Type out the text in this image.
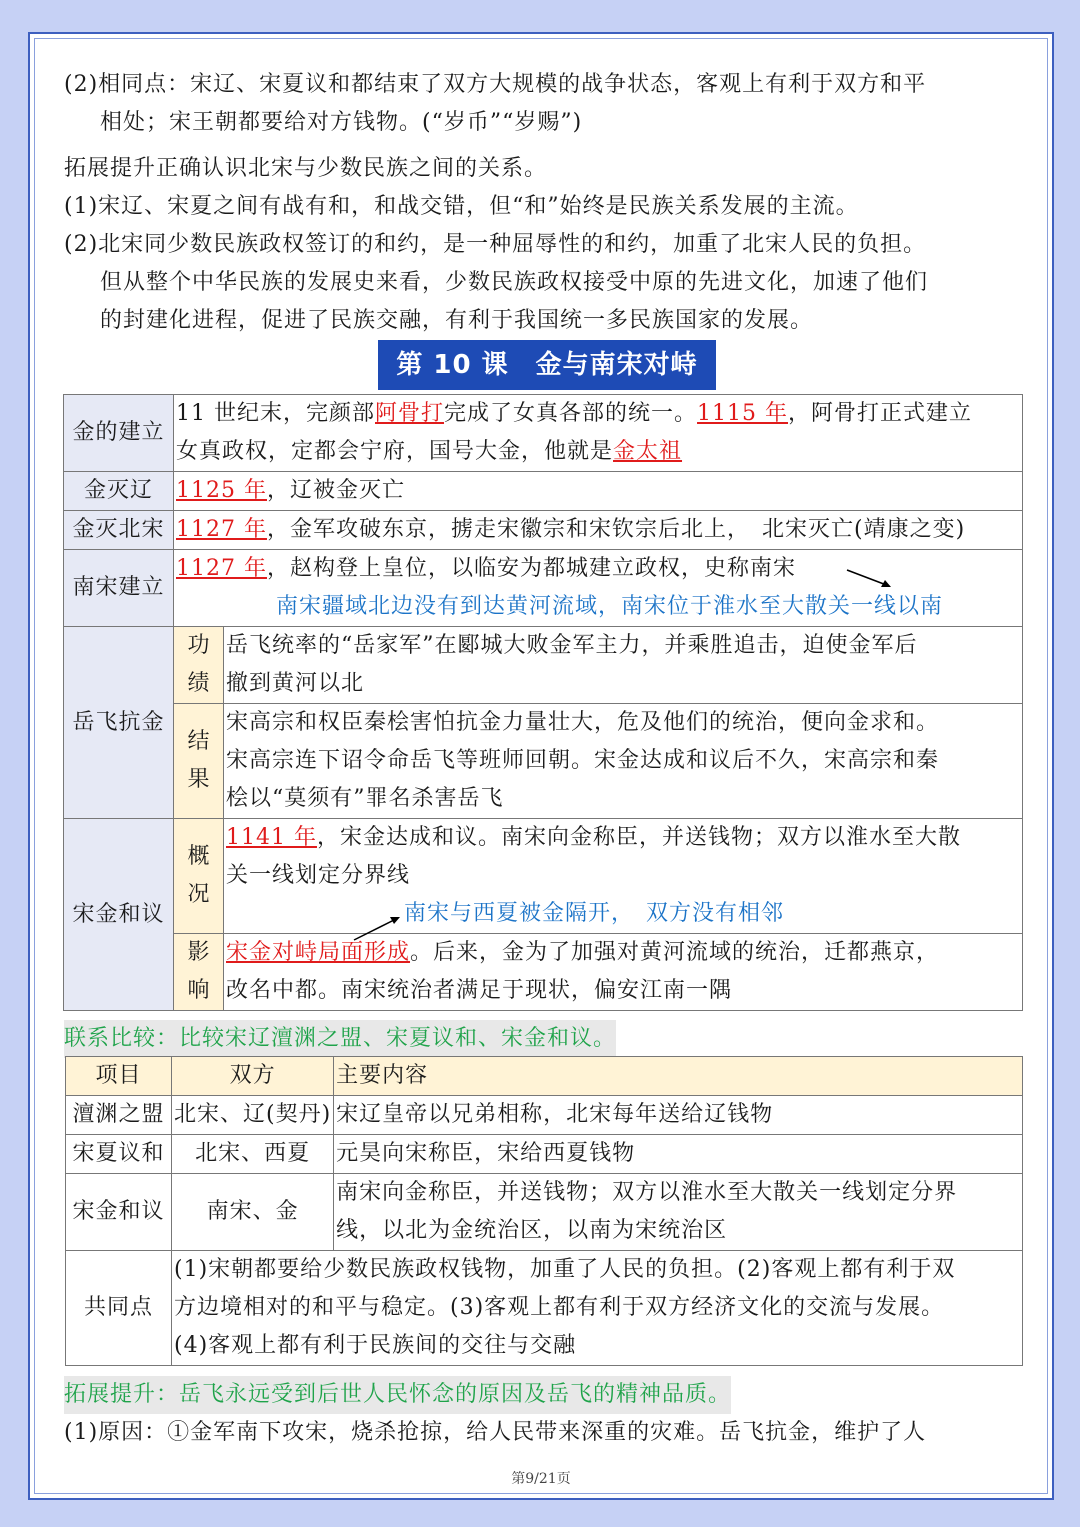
(2)相同点：宋辽、宋夏议和都结束了双方大规模的战争状态，客观上有利于双方和平
相处；宋王朝都要给对方钱物。(“岁币”“岁赐”)
拓展提升正确认识北宋与少数民族之间的关系。
(1)宋辽、宋夏之间有战有和，和战交错，但“和”始终是民族关系发展的主流。
(2)北宋同少数民族政权签订的和约，是一种屈辱性的和约，加重了北宋人民的负担。
但从整个中华民族的发展史来看，少数民族政权接受中原的先进文化，加速了他们
的封建化进程，促进了民族交融，有利于我国统一多民族国家的发展。
第 10 课　金与南宋对峙
金的建立	11 世纪末，完颜部阿骨打完成了女真各部的统一。1115 年，阿骨打正式建立
女真政权，定都会宁府，国号大金，他就是金太祖	
金灭辽	1125 年，辽被金灭亡	
金灭北宋	1127 年，金军攻破东京，掳走宋徽宗和宋钦宗后北上，　北宋灭亡(靖康之变)	
南宋建立	1127 年，赵构登上皇位，以临安为都城建立政权，史称南宋
南宋疆域北边没有到达黄河流域，南宋位于淮水至大散关一线以南	
岳飞抗金	功绩	岳飞统率的“岳家军”在郾城大败金军主力，并乘胜追击，迫使金军后
撤到黄河以北
	结果	宋高宗和权臣秦桧害怕抗金力量壮大，危及他们的统治，便向金求和。
宋高宗连下诏令命岳飞等班师回朝。宋金达成和议后不久，宋高宗和秦
桧以“莫须有”罪名杀害岳飞
宋金和议	概况	1141 年，宋金达成和议。南宋向金称臣，并送钱物；双方以淮水至大散
关一线划定分界线
南宋与西夏被金隔开，　双方没有相邻
	影响	宋金对峙局面形成。后来，金为了加强对黄河流域的统治，迁都燕京，
改名中都。南宋统治者满足于现状，偏安江南一隅
联系比较：比较宋辽澶渊之盟、宋夏议和、宋金和议。
项目	双方	主要内容
澶渊之盟	北宋、辽(契丹)	宋辽皇帝以兄弟相称，北宋每年送给辽钱物
宋夏议和	北宋、西夏	元昊向宋称臣，宋给西夏钱物
宋金和议	南宋、金	南宋向金称臣，并送钱物；双方以淮水至大散关一线划定分界
线，以北为金统治区，以南为宋统治区
共同点	(1)宋朝都要给少数民族政权钱物，加重了人民的负担。(2)客观上都有利于双
方边境相对的和平与稳定。(3)客观上都有利于双方经济文化的交流与发展。
(4)客观上都有利于民族间的交往与交融	
拓展提升：岳飞永远受到后世人民怀念的原因及岳飞的精神品质。
(1)原因：①金军南下攻宋，烧杀抢掠，给人民带来深重的灾难。岳飞抗金，维护了人
第9/21页
